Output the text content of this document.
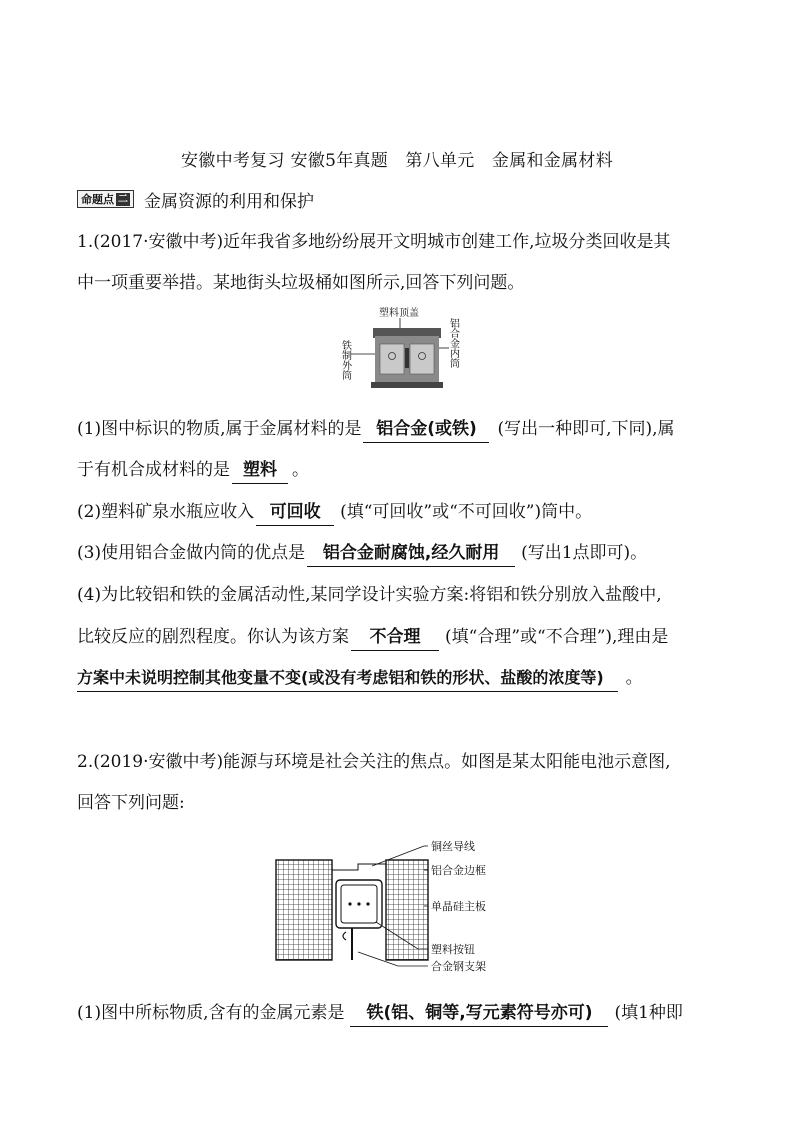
安徽中考复习 安徽5年真题　第八单元　金属和金属材料
命题点 二 金属资源的利用和保护
1.(2017·安徽中考)近年我省多地纷纷展开文明城市创建工作,垃圾分类回收是其
中一项重要举措。某地街头垃圾桶如图所示,回答下列问题。
塑料顶盖
铁制外筒	铝合金内筒
(1)图中标识的物质,属于金属材料的是 铝合金(或铁) (写出一种即可,下同),属
于有机合成材料的是 塑料 。
(2)塑料矿泉水瓶应收入 可回收 (填“可回收”或“不可回收”)筒中。
(3)使用铝合金做内筒的优点是 铝合金耐腐蚀,经久耐用 (写出1点即可)。
(4)为比较铝和铁的金属活动性,某同学设计实验方案:将铝和铁分别放入盐酸中,
比较反应的剧烈程度。你认为该方案 不合理 (填“合理”或“不合理”),理由是
方案中未说明控制其他变量不变(或没有考虑铝和铁的形状、盐酸的浓度等) 。
2.(2019·安徽中考)能源与环境是社会关注的焦点。如图是某太阳能电池示意图,
回答下列问题:
铜丝导线
铝合金边框
单晶硅主板
塑料按钮
合金钢支架
(1)图中所标物质,含有的金属元素是 铁(铝、铜等,写元素符号亦可) (填1种即
